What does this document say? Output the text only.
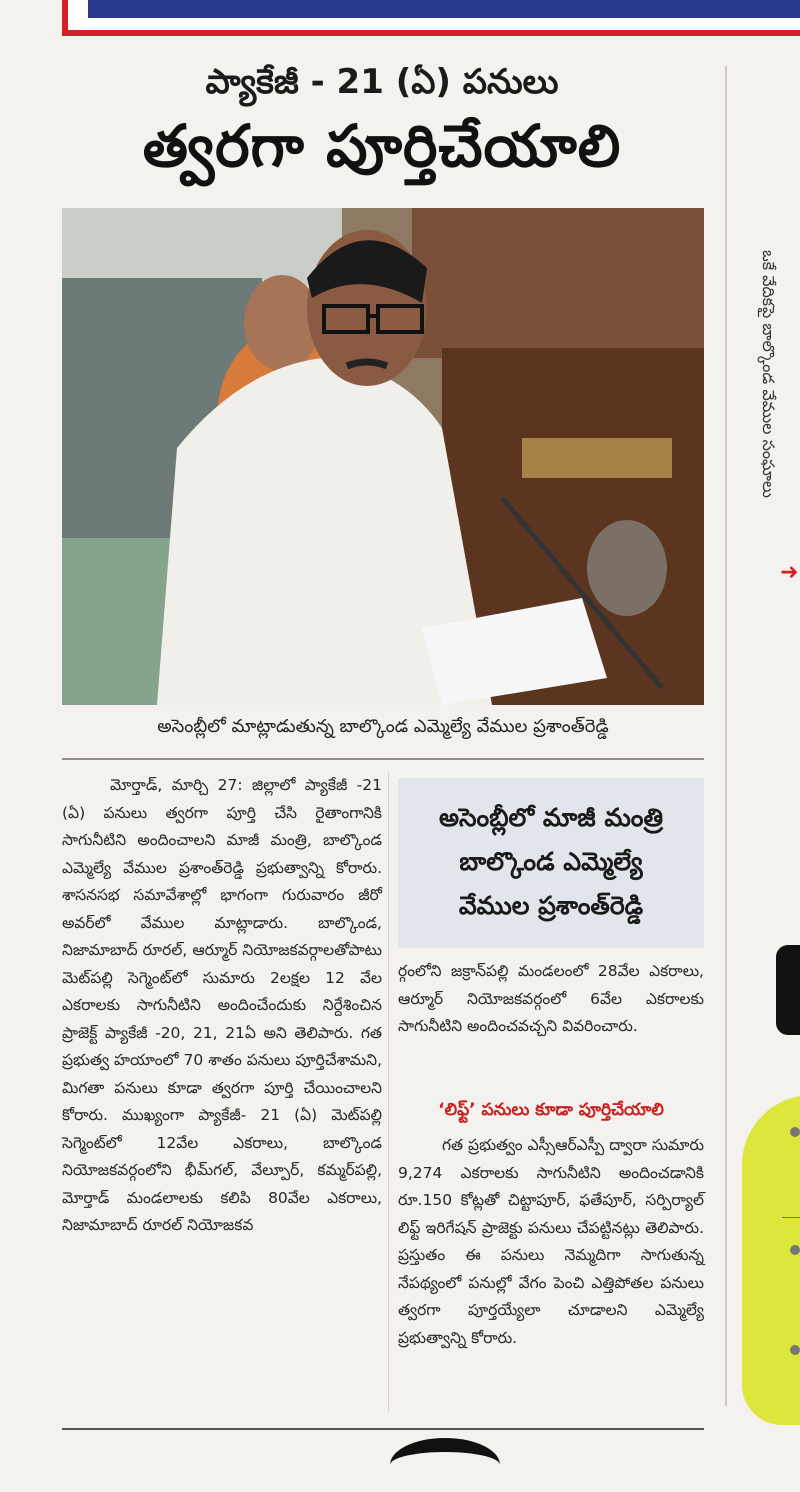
ప్యాకేజీ - 21 (ఏ) పనులు
త్వరగా పూర్తిచేయాలి
అసెంబ్లీలో మాట్లాడుతున్న బాల్కొండ ఎమ్మెల్యే వేముల ప్రశాంత్‌రెడ్డి

మోర్తాడ్, మార్చి 27: జిల్లాలో ప్యాకేజీ -21 (ఏ) పనులు త్వరగా పూర్తి చేసి రైతాంగానికి సాగునీటిని అందించాలని మాజీ మంత్రి, బాల్కొండ ఎమ్మెల్యే వేముల ప్రశాంత్‌రెడ్డి ప్రభుత్వాన్ని కోరారు. శాసనసభ సమావేశాల్లో భాగంగా గురువారం జీరో అవర్‌లో వేముల మాట్లాడారు. బాల్కొండ, నిజామాబాద్ రూరల్, ఆర్మూర్ నియోజకవర్గాలతోపాటు మెట్‌పల్లి సెగ్మెంట్‌లో సుమారు 2లక్షల 12 వేల ఎకరాలకు సాగునీటిని అందించేందుకు నిర్దేశించిన ప్రాజెక్ట్ ప్యాకేజీ -20, 21, 21ఏ అని తెలిపారు. గత ప్రభుత్వ హయాంలో 70 శాతం పనులు పూర్తిచేశామని, మిగతా పనులు కూడా త్వరగా పూర్తి చేయించాలని కోరారు. ముఖ్యంగా ప్యాకేజీ- 21 (ఏ) మెట్‌పల్లి సెగ్మెంట్‌లో 12వేల ఎకరాలు, బాల్కొండ నియోజకవర్గంలోని భీమ్‌గల్, వేల్పూర్, కమ్మర్‌పల్లి, మోర్తాడ్ మండలాలకు కలిపి 80వేల ఎకరాలు, నిజామాబాద్ రూరల్ నియోజకవ

అసెంబ్లీలో మాజీ మంత్రి
బాల్కొండ ఎమ్మెల్యే
వేముల ప్రశాంత్‌రెడ్డి

ర్గంలోని జక్రాన్‌పల్లి మండలంలో 28వేల ఎకరాలు, ఆర్మూర్ నియోజకవర్గంలో 6వేల ఎకరాలకు సాగునీటిని అందించవచ్చని వివరించారు.

‘లిఫ్ట్’ పనులు కూడా పూర్తిచేయాలి

గత ప్రభుత్వం ఎస్సీఆర్‌ఎస్పీ ద్వారా సుమారు 9,274 ఎకరాలకు సాగునీటిని అందించడానికి రూ.150 కోట్లతో చిట్టాపూర్, ఫతేపూర్, సర్పిర్యాల్ లిఫ్ట్ ఇరిగేషన్ ప్రాజెక్టు పనులు చేపట్టినట్లు తెలిపారు. ప్రస్తుతం ఈ పనులు నెమ్మదిగా సాగుతున్న నేపథ్యంలో పనుల్లో వేగం పెంచి ఎత్తిపోతల పనులు త్వరగా పూర్తయ్యేలా చూడాలని ఎమ్మెల్యే ప్రభుత్వాన్ని కోరారు.

ఒకే వేదికపై బాల్కొండ వేముల సంఘాలు
➜
